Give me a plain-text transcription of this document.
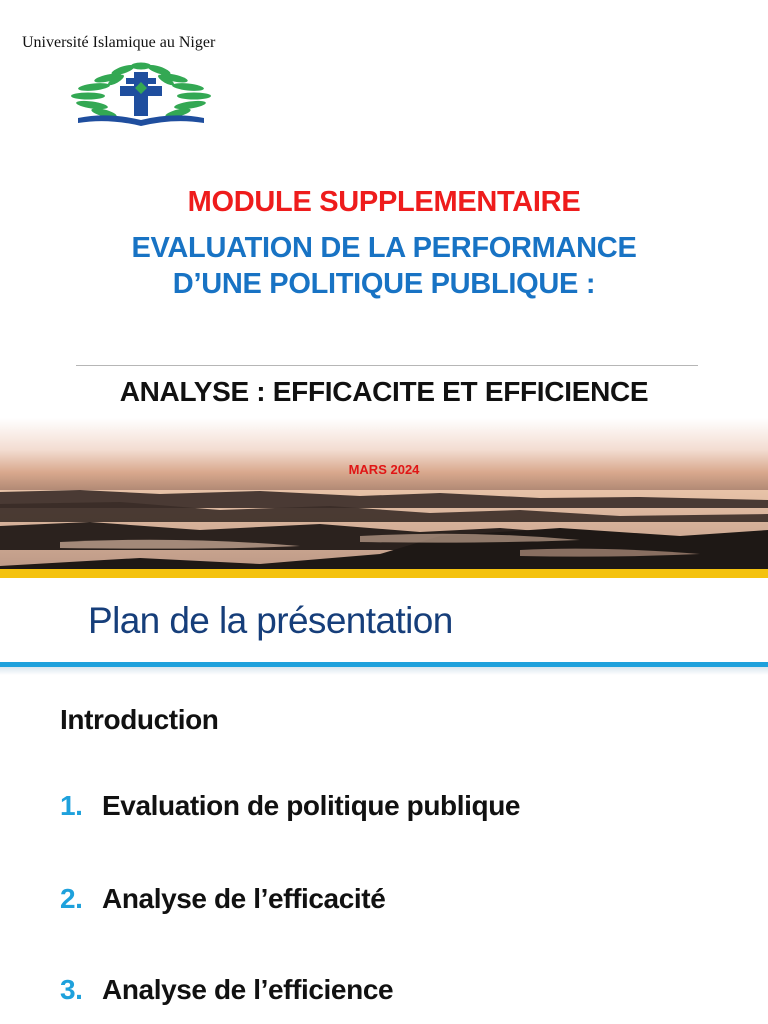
Université Islamique au Niger
MODULE SUPPLEMENTAIRE
EVALUATION DE LA PERFORMANCE
D’UNE POLITIQUE PUBLIQUE :
ANALYSE : EFFICACITE ET EFFICIENCE
MARS 2024
Plan de la présentation
Introduction
1. Evaluation de politique publique
2. Analyse de l’efficacité
3. Analyse de l’efficience
